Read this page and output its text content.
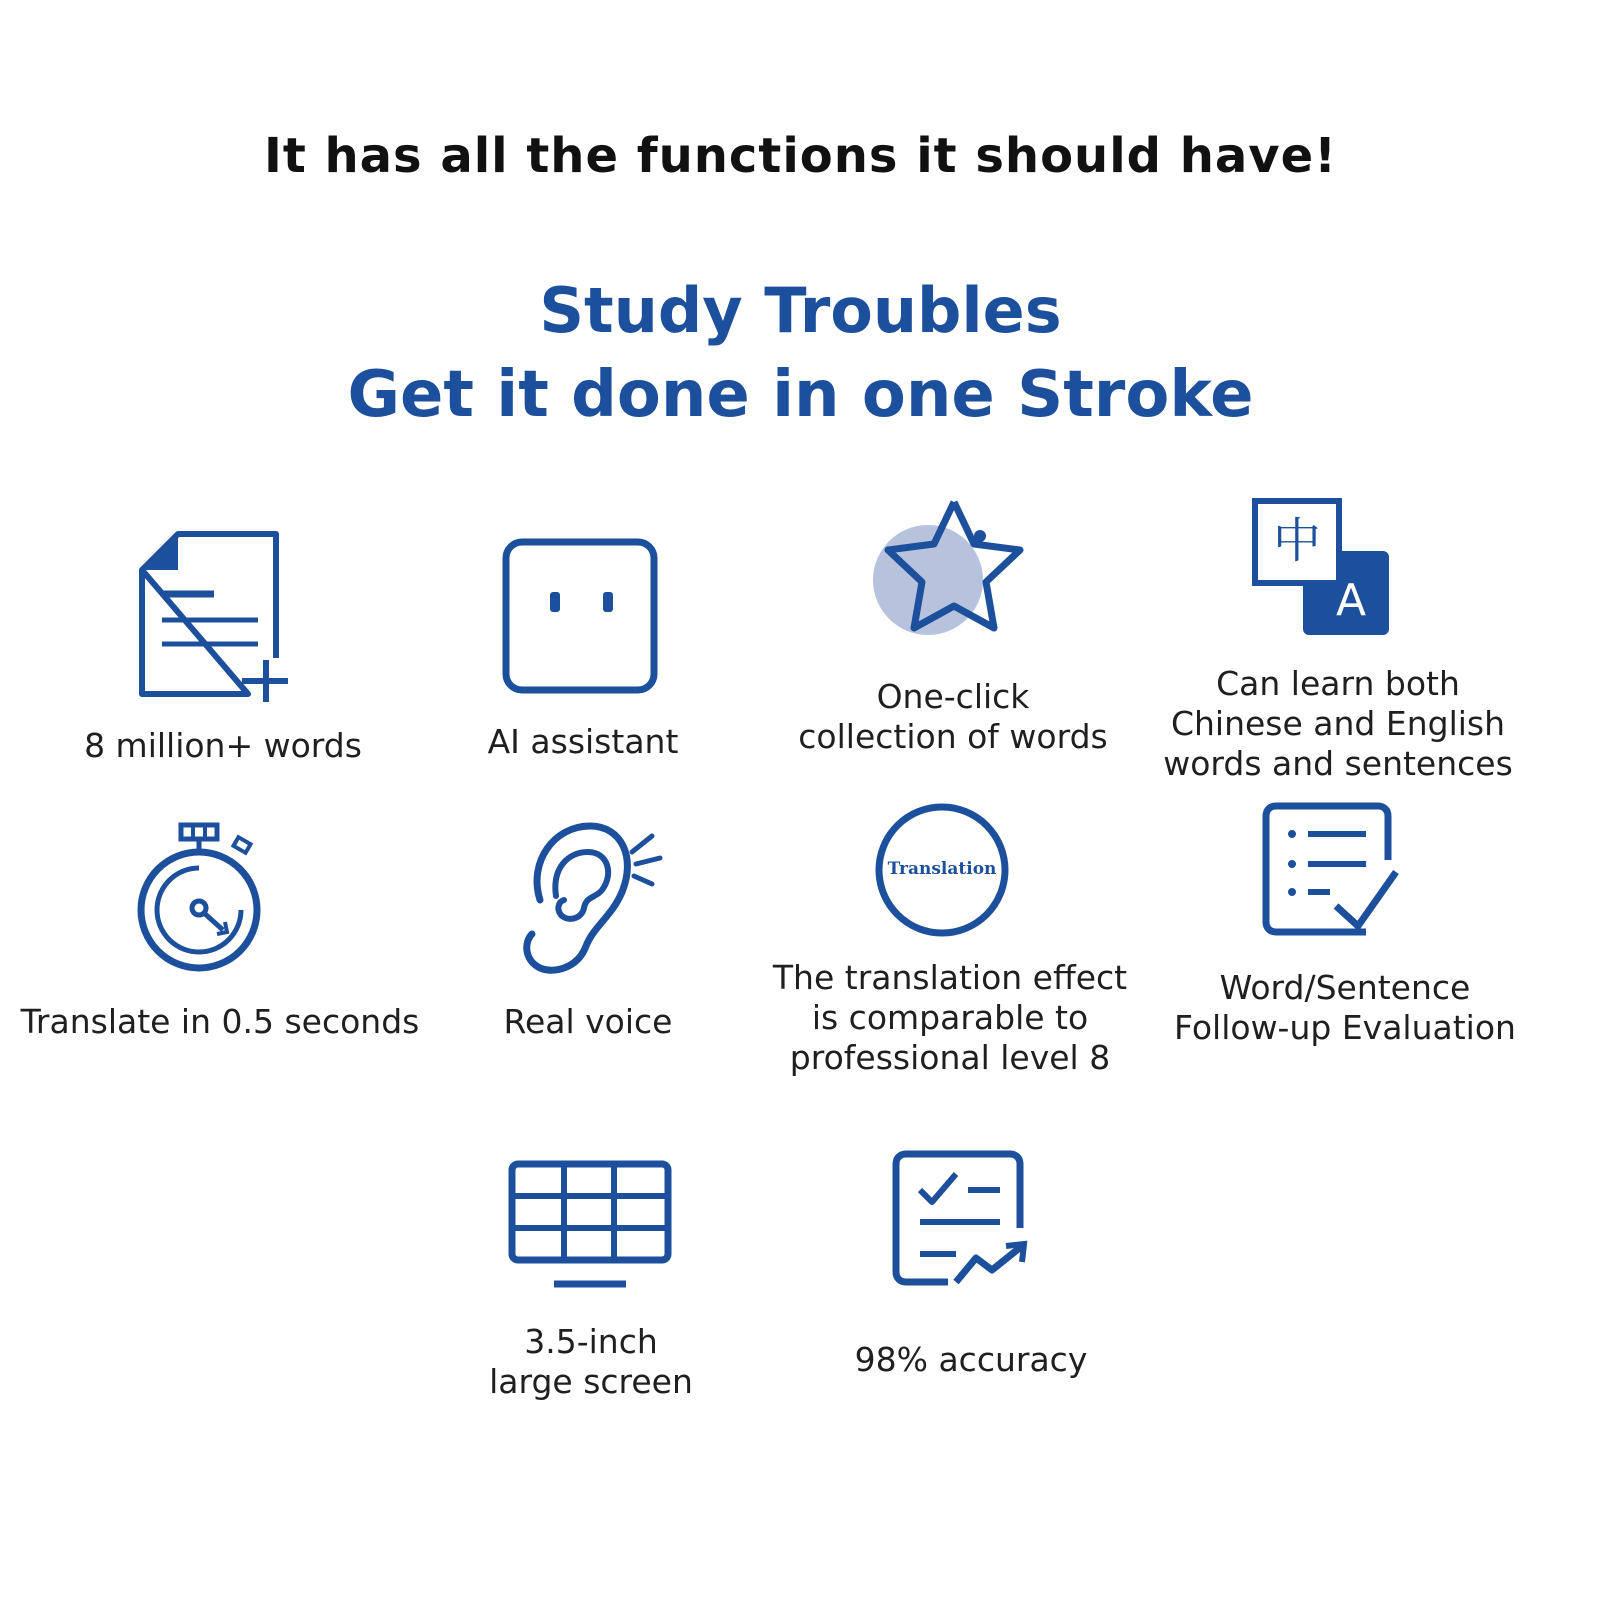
It has all the functions it should have!
Study Troubles
Get it done in one Stroke
8 million+ words	AI assistant
One-click
collection of words
中
A
Can learn both
Chinese and English
words and sentences
Translate in 0.5 seconds	Real voice
Translation
The translation effect
is comparable to
professional level 8
Word/Sentence
Follow-up Evaluation
3.5-inch
large screen
98% accuracy
